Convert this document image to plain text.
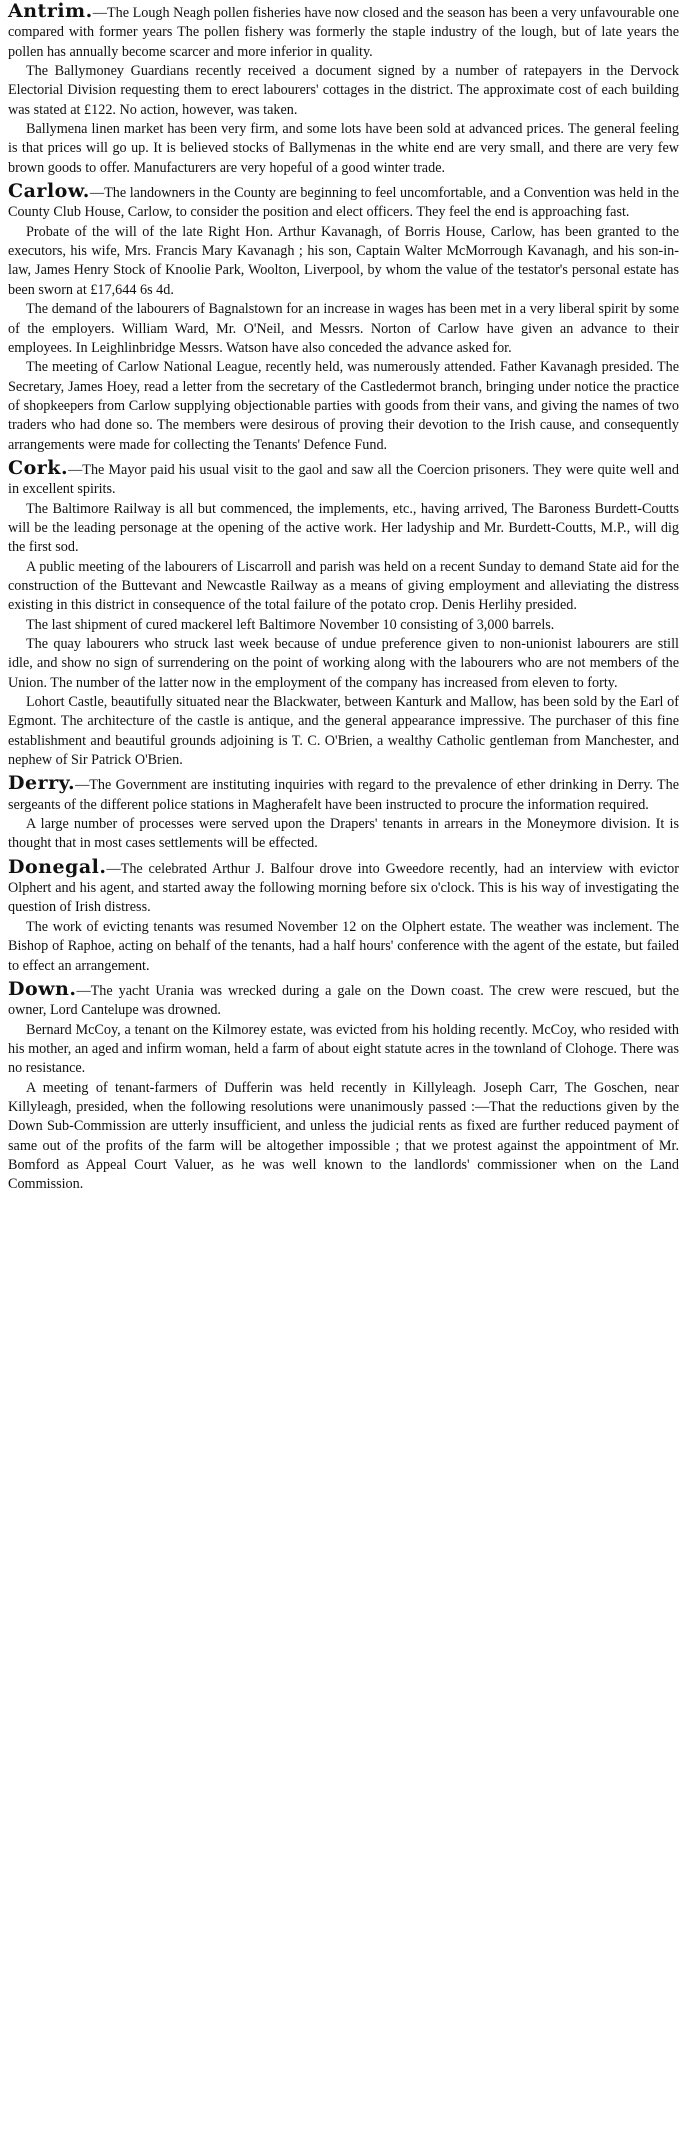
Antrim.—The Lough Neagh pollen fisheries have now closed and the season has been a very unfavourable one compared with former years The pollen fishery was formerly the staple industry of the lough, but of late years the pollen has annually become scarcer and more inferior in quality.

The Ballymoney Guardians recently received a document signed by a number of ratepayers in the Dervock Electorial Division requesting them to erect labourers' cottages in the district. The approximate cost of each building was stated at £122. No action, however, was taken.

Ballymena linen market has been very firm, and some lots have been sold at advanced prices. The general feeling is that prices will go up. It is believed stocks of Ballymenas in the white end are very small, and there are very few brown goods to offer. Manufacturers are very hopeful of a good winter trade.

Carlow.—The landowners in the County are beginning to feel uncomfortable, and a Convention was held in the County Club House, Carlow, to consider the position and elect officers. They feel the end is approaching fast.

Probate of the will of the late Right Hon. Arthur Kavanagh, of Borris House, Carlow, has been granted to the executors, his wife, Mrs. Francis Mary Kavanagh ; his son, Captain Walter McMorrough Kavanagh, and his son-in-law, James Henry Stock of Knoolie Park, Woolton, Liverpool, by whom the value of the testator's personal estate has been sworn at £17,644 6s 4d.

The demand of the labourers of Bagnalstown for an increase in wages has been met in a very liberal spirit by some of the employers. William Ward, Mr. O'Neil, and Messrs. Norton of Carlow have given an advance to their employees. In Leighlinbridge Messrs. Watson have also conceded the advance asked for.

The meeting of Carlow National League, recently held, was numerously attended. Father Kavanagh presided. The Secretary, James Hoey, read a letter from the secretary of the Castledermot branch, bringing under notice the practice of shopkeepers from Carlow supplying objectionable parties with goods from their vans, and giving the names of two traders who had done so. The members were desirous of proving their devotion to the Irish cause, and consequently arrangements were made for collecting the Tenants' Defence Fund.

Cork.—The Mayor paid his usual visit to the gaol and saw all the Coercion prisoners. They were quite well and in excellent spirits.

The Baltimore Railway is all but commenced, the implements, etc., having arrived, The Baroness Burdett-Coutts will be the leading personage at the opening of the active work. Her ladyship and Mr. Burdett-Coutts, M.P., will dig the first sod.

A public meeting of the labourers of Liscarroll and parish was held on a recent Sunday to demand State aid for the construction of the Buttevant and Newcastle Railway as a means of giving employment and alleviating the distress existing in this district in consequence of the total failure of the potato crop. Denis Herlihy presided.

The last shipment of cured mackerel left Baltimore November 10 consisting of 3,000 barrels.

The quay labourers who struck last week because of undue preference given to non-unionist labourers are still idle, and show no sign of surrendering on the point of working along with the labourers who are not members of the Union. The number of the latter now in the employment of the company has increased from eleven to forty.

Lohort Castle, beautifully situated near the Blackwater, between Kanturk and Mallow, has been sold by the Earl of Egmont. The architecture of the castle is antique, and the general appearance impressive. The purchaser of this fine establishment and beautiful grounds adjoining is T. C. O'Brien, a wealthy Catholic gentleman from Manchester, and nephew of Sir Patrick O'Brien.

Derry.—The Government are instituting inquiries with regard to the prevalence of ether drinking in Derry. The sergeants of the different police stations in Magherafelt have been instructed to procure the information required.

A large number of processes were served upon the Drapers' tenants in arrears in the Moneymore division. It is thought that in most cases settlements will be effected.

Donegal.—The celebrated Arthur J. Balfour drove into Gweedore recently, had an interview with evictor Olphert and his agent, and started away the following morning before six o'clock. This is his way of investigating the question of Irish distress.

The work of evicting tenants was resumed November 12 on the Olphert estate. The weather was inclement. The Bishop of Raphoe, acting on behalf of the tenants, had a half hours' conference with the agent of the estate, but failed to effect an arrangement.

Down.—The yacht Urania was wrecked during a gale on the Down coast. The crew were rescued, but the owner, Lord Cantelupe was drowned.

Bernard McCoy, a tenant on the Kilmorey estate, was evicted from his holding recently. McCoy, who resided with his mother, an aged and infirm woman, held a farm of about eight statute acres in the townland of Clohoge. There was no resistance.

A meeting of tenant-farmers of Dufferin was held recently in Killyleagh. Joseph Carr, The Goschen, near Killyleagh, presided, when the following resolutions were unanimously passed :—That the reductions given by the Down Sub-Commission are utterly insufficient, and unless the judicial rents as fixed are further reduced payment of same out of the profits of the farm will be altogether impossible ; that we protest against the appointment of Mr. Bomford as Appeal Court Valuer, as he was well known to the landlords' commissioner when on the Land Commission.
